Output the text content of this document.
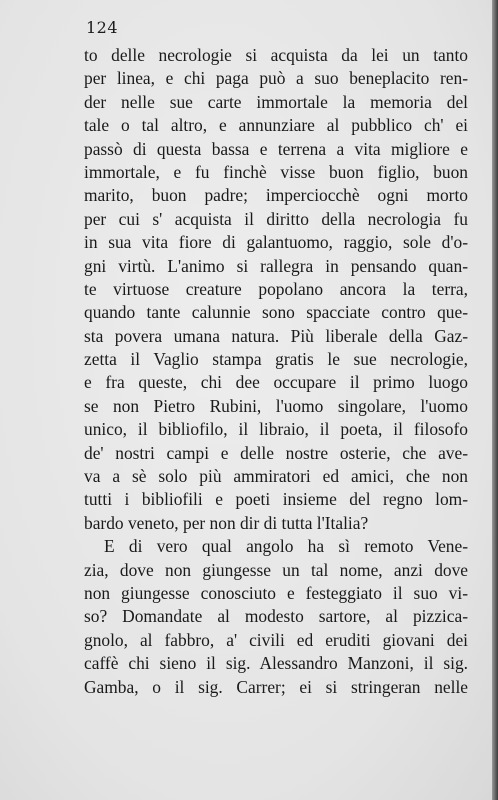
124
to delle necrologie si acquista da lei un tanto
per linea, e chi paga può a suo beneplacito ren-
der nelle sue carte immortale la memoria del
tale o tal altro, e annunziare al pubblico ch' ei
passò di questa bassa e terrena a vita migliore e
immortale, e fu finchè visse buon figlio, buon
marito, buon padre; imperciocchè ogni morto
per cui s' acquista il diritto della necrologia fu
in sua vita fiore di galantuomo, raggio, sole d'o-
gni virtù. L'animo si rallegra in pensando quan-
te virtuose creature popolano ancora la terra,
quando tante calunnie sono spacciate contro que-
sta povera umana natura. Più liberale della Gaz-
zetta il Vaglio stampa gratis le sue necrologie,
e fra queste, chi dee occupare il primo luogo
se non Pietro Rubini, l'uomo singolare, l'uomo
unico, il bibliofilo, il libraio, il poeta, il filosofo
de' nostri campi e delle nostre osterie, che ave-
va a sè solo più ammiratori ed amici, che non
tutti i bibliofili e poeti insieme del regno lom-
bardo veneto, per non dir di tutta l'Italia?
E di vero qual angolo ha sì remoto Vene-
zia, dove non giungesse un tal nome, anzi dove
non giungesse conosciuto e festeggiato il suo vi-
so? Domandate al modesto sartore, al pizzica-
gnolo, al fabbro, a' civili ed eruditi giovani dei
caffè chi sieno il sig. Alessandro Manzoni, il sig.
Gamba, o il sig. Carrer; ei si stringeran nelle
